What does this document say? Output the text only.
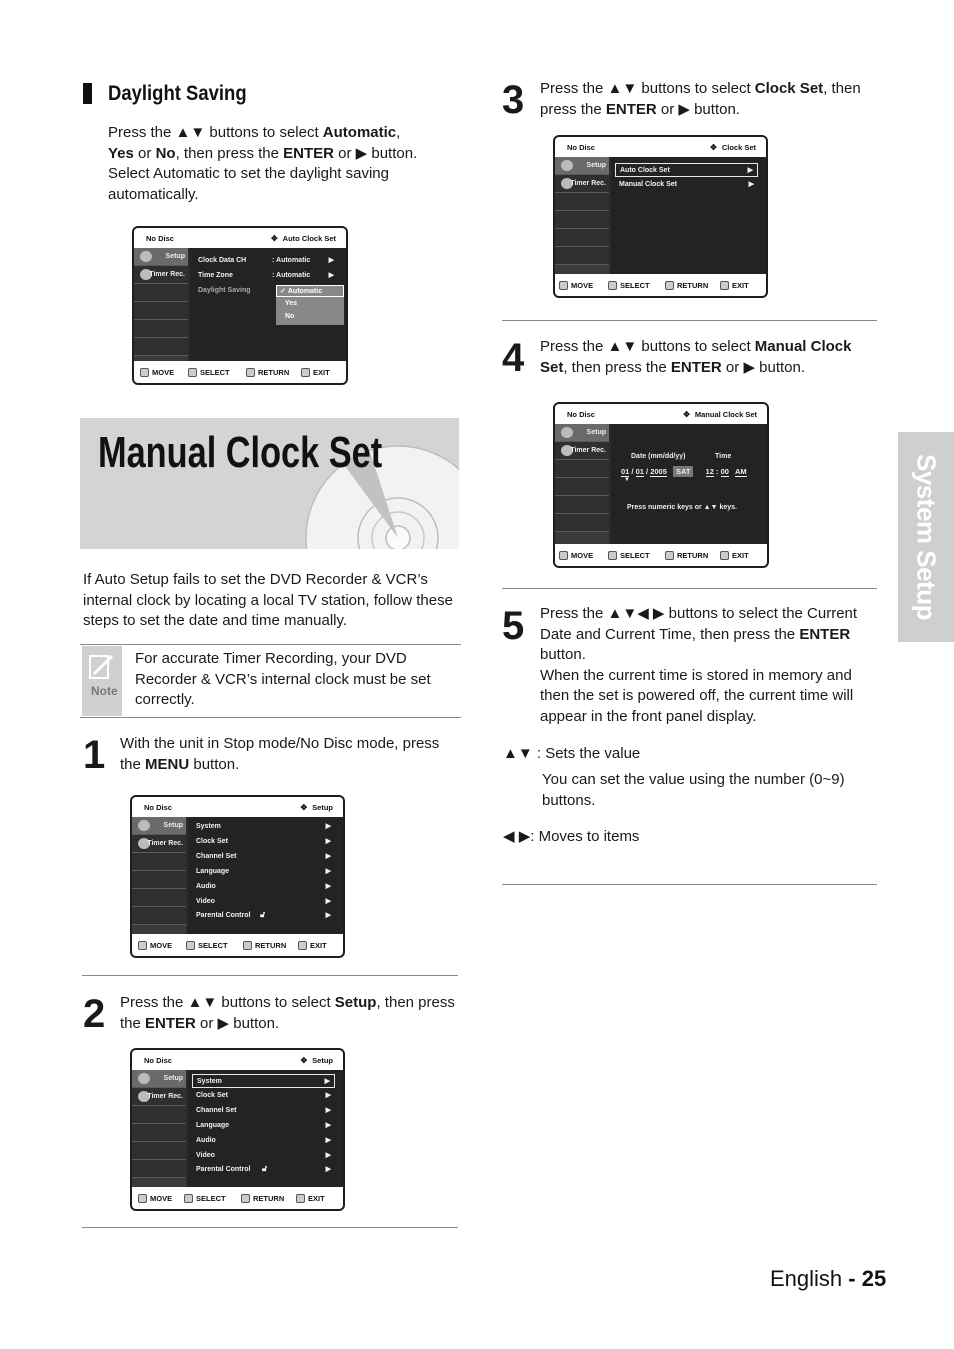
Daylight Saving
Press the ▲▼ buttons to select Automatic,
Yes or No, then press the ENTER or ▶ button.
Select Automatic to set the daylight saving
automatically.
No Disc	✥ Auto Clock Set
Setup
Timer Rec.
Clock Data CH	: Automatic	▶
Time Zone	: Automatic	▶
Daylight Saving	✓ Automatic
Yes
No
MOVE	SELECT	RETURN	EXIT
Manual Clock Set
If Auto Setup fails to set the DVD Recorder & VCR’s
internal clock by locating a local TV station, follow these
steps to set the date and time manually.
Note
For accurate Timer Recording, your DVD
Recorder & VCR’s internal clock must be set
correctly.
1 With the unit in Stop mode/No Disc mode, press
the MENU button.
No Disc	✥ Setup
Setup
Timer Rec.
System	▶
Clock Set	▶
Channel Set	▶
Language	▶
Audio	▶
Video	▶
Parental Control 🔓︎	▶
MOVE	SELECT	RETURN	EXIT
2 Press the ▲▼ buttons to select Setup, then press
the ENTER or ▶ button.
No Disc	✥ Setup
Setup
Timer Rec.
System	▶
Clock Set	▶
Channel Set	▶
Language	▶
Audio	▶
Video	▶
Parental Control 🔓︎	▶
MOVE	SELECT	RETURN	EXIT
3 Press the ▲▼ buttons to select Clock Set, then
press the ENTER or ▶ button.
No Disc	✥ Clock Set
Setup
Timer Rec.
Auto Clock Set	▶
Manual Clock Set	▶
MOVE	SELECT	RETURN	EXIT
4 Press the ▲▼ buttons to select Manual Clock
Set, then press the ENTER or ▶ button.
No Disc	✥ Manual Clock Set
Setup
Timer Rec.
Date (mm/dd/yy)	Time
01 / 01 / 2005 SAT 12 : 00 AM
▼
Press numeric keys or ▲▼ keys.
MOVE	SELECT	RETURN	EXIT
5 Press the ▲▼◀ ▶ buttons to select the Current
Date and Current Time, then press the ENTER
button.
When the current time is stored in memory and
then the set is powered off, the current time will
appear in the front panel display.
▲▼ : Sets the value
You can set the value using the number (0~9)
buttons.
◀ ▶: Moves to items
System Setup
English - 25
